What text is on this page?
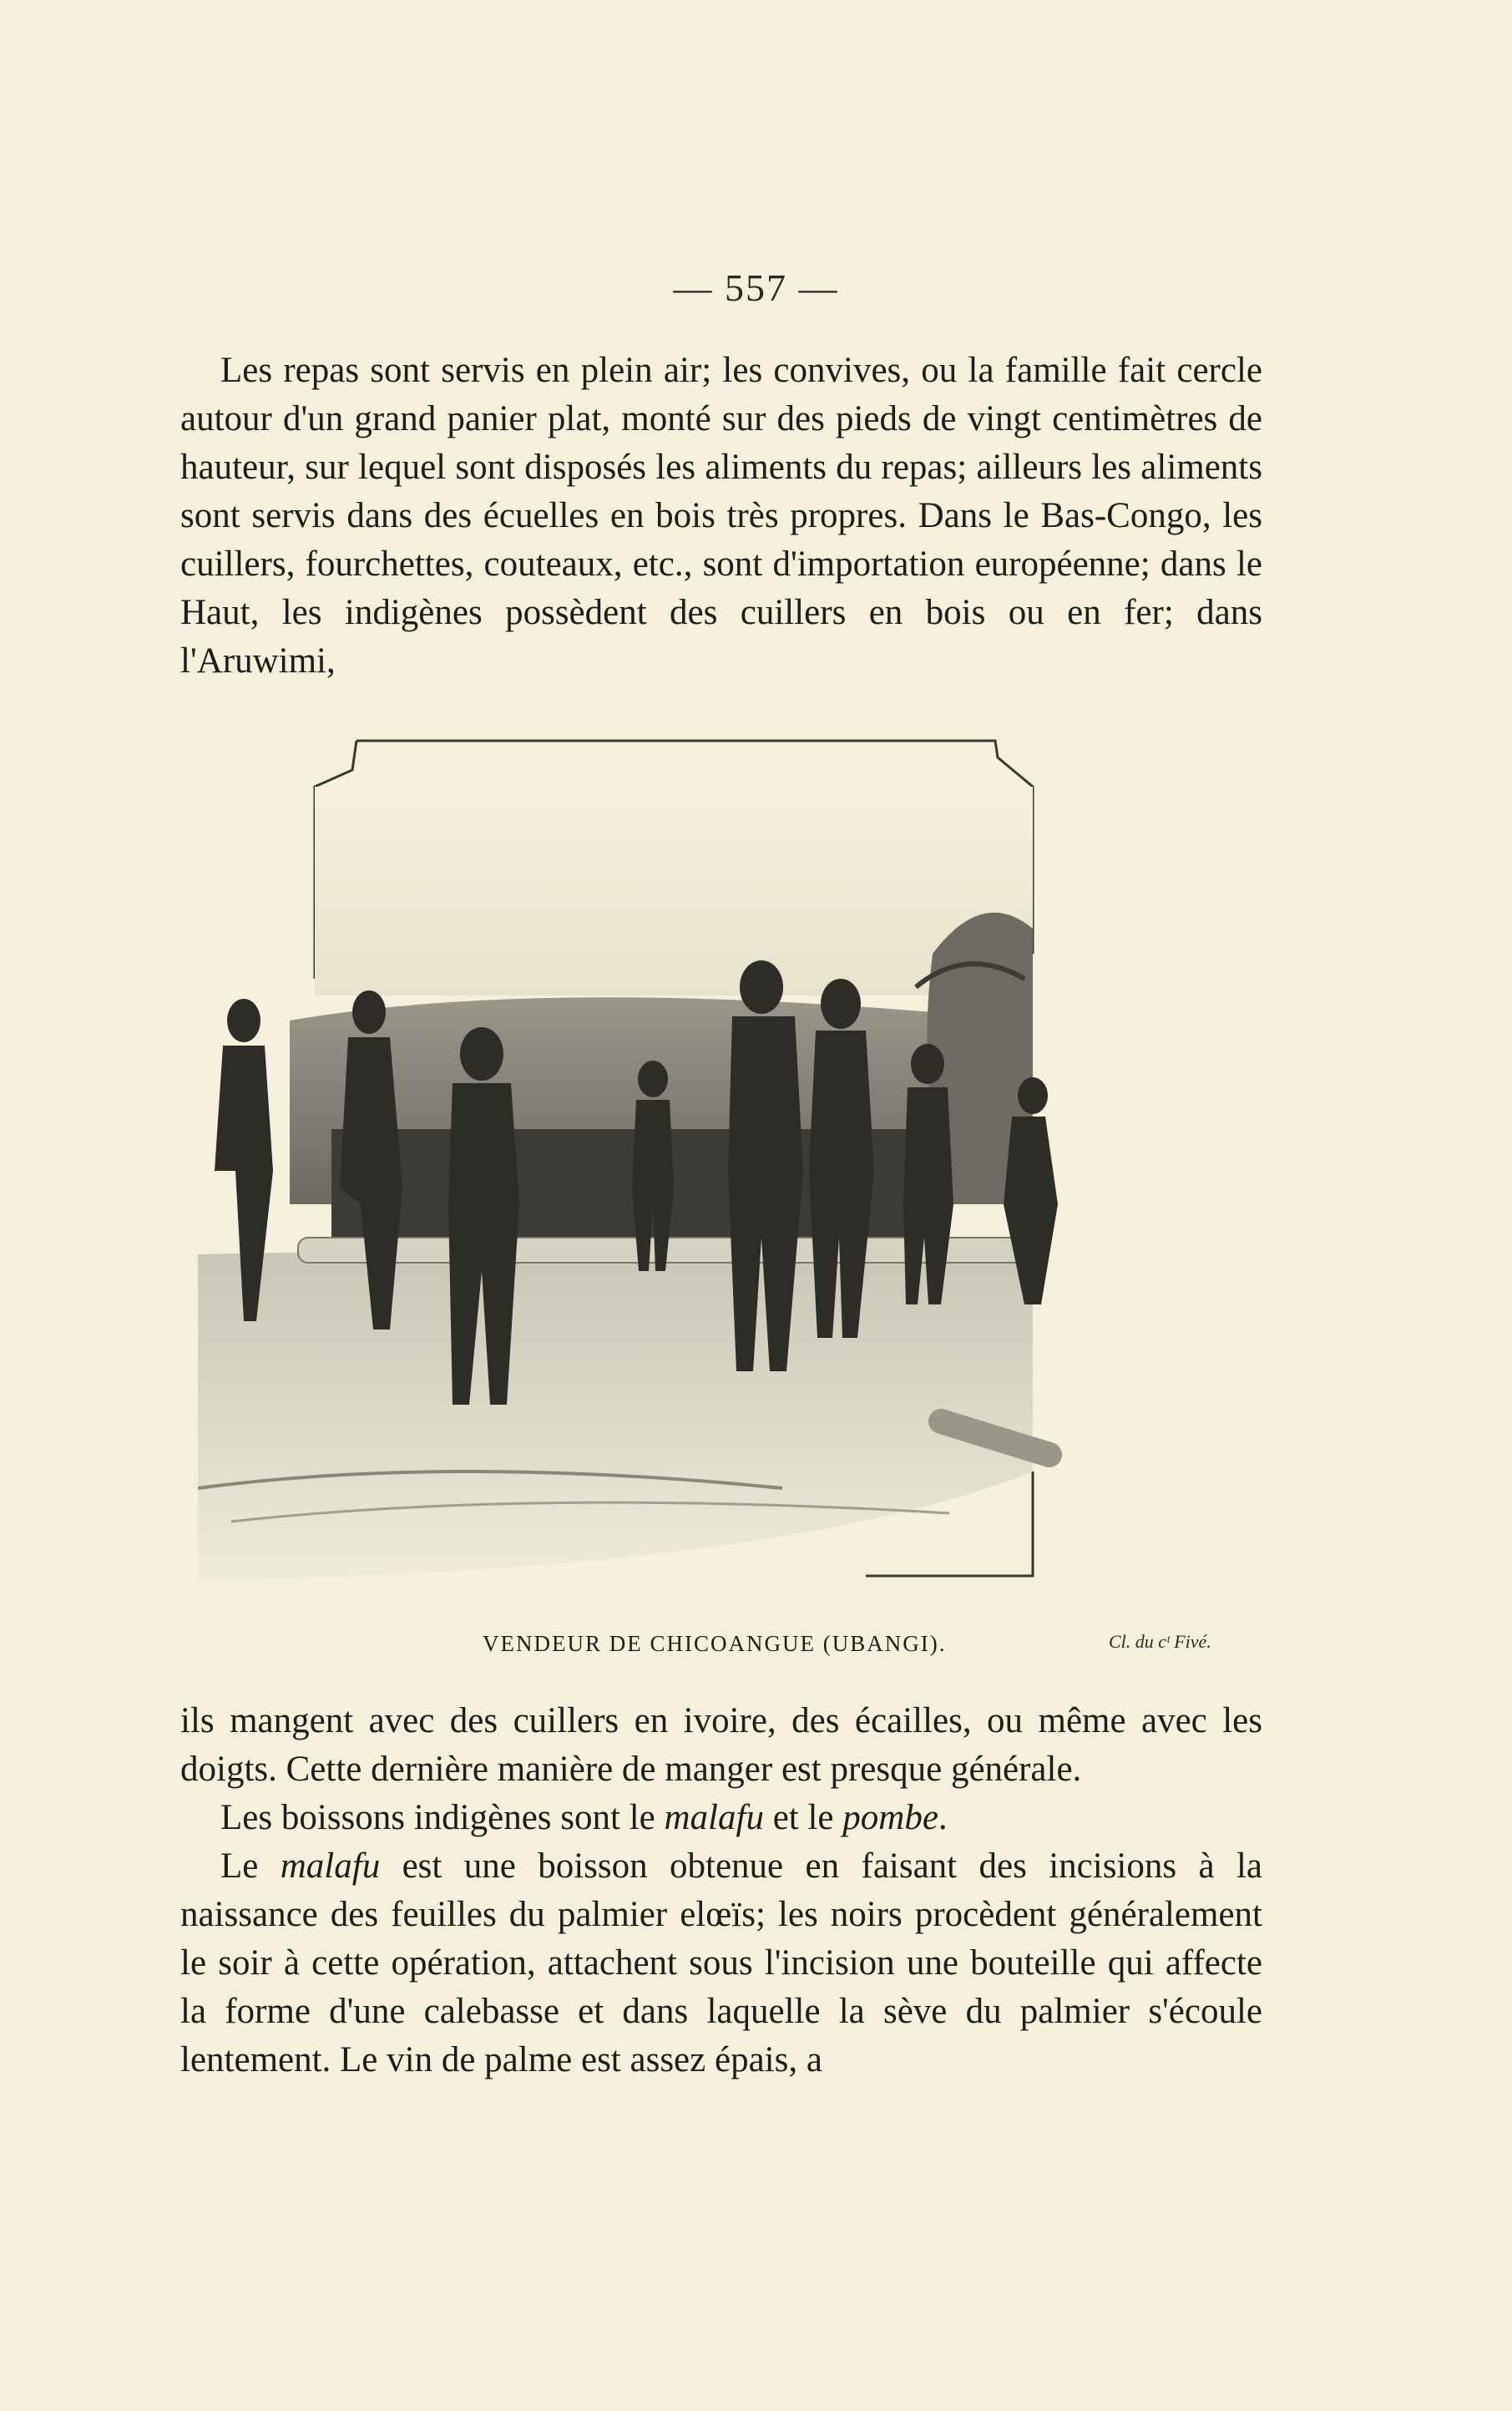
— 557 —

Les repas sont servis en plein air; les convives, ou la famille fait cercle autour d'un grand panier plat, monté sur des pieds de vingt centimètres de hauteur, sur lequel sont disposés les aliments du repas; ailleurs les aliments sont servis dans des écuelles en bois très propres. Dans le Bas-Congo, les cuillers, fourchettes, couteaux, etc., sont d'importation européenne; dans le Haut, les indigènes possèdent des cuillers en bois ou en fer; dans l'Aruwimi,

VENDEUR DE CHICOANGUE (UBANGI).	Cl. du cᵗ Fivé.

ils mangent avec des cuillers en ivoire, des écailles, ou même avec les doigts. Cette dernière manière de manger est presque générale.

Les boissons indigènes sont le malafu et le pombe.

Le malafu est une boisson obtenue en faisant des incisions à la naissance des feuilles du palmier elœïs; les noirs procèdent généralement le soir à cette opération, attachent sous l'incision une bouteille qui affecte la forme d'une calebasse et dans laquelle la sève du palmier s'écoule lentement. Le vin de palme est assez épais, a
